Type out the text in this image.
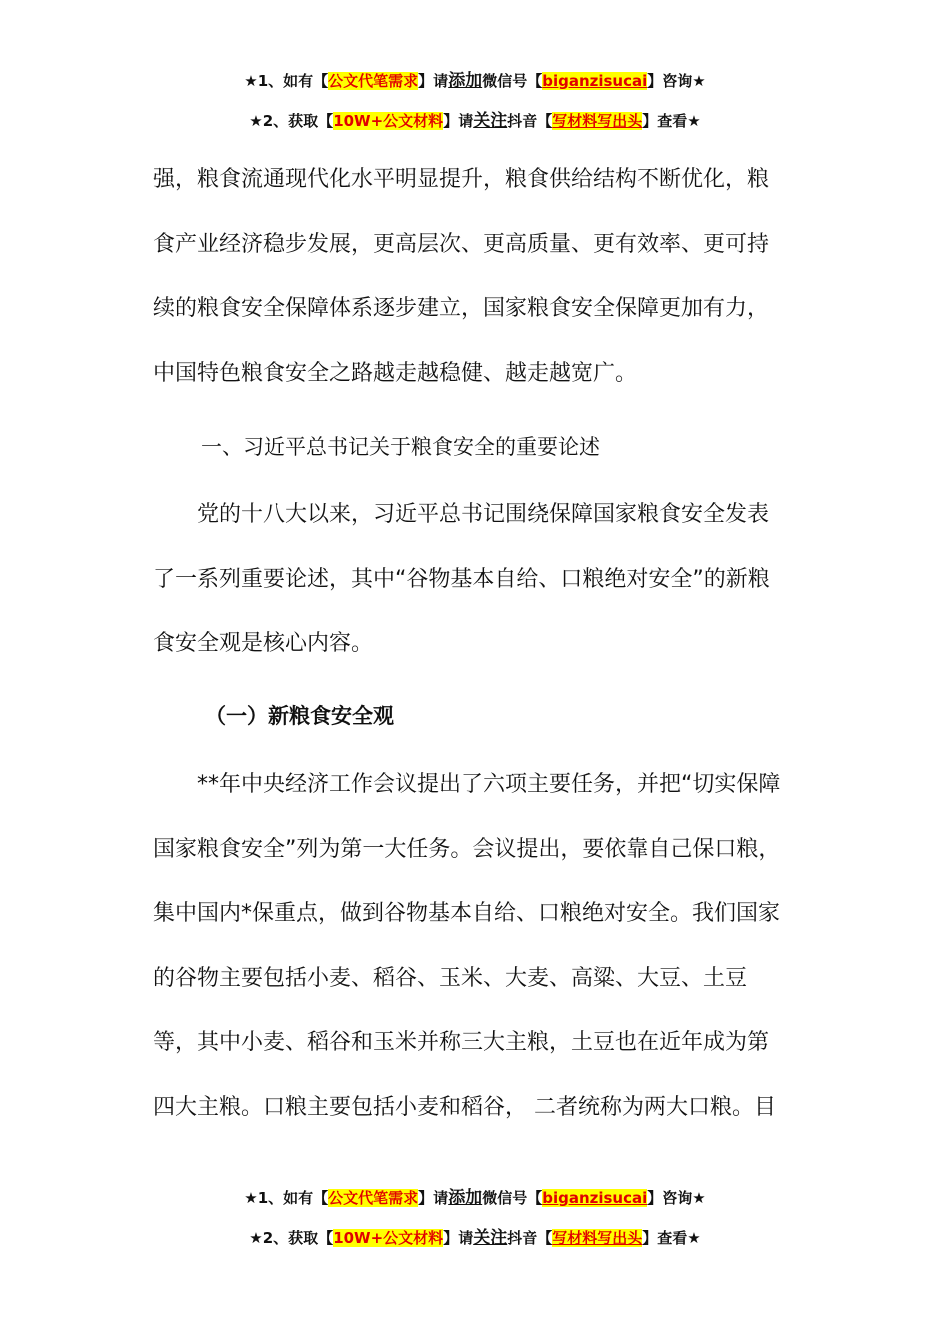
★1、如有【公文代笔需求】请添加微信号【biganzisucai】咨询★
★2、获取【10W+公文材料】请关注抖音【写材料写出头】查看★
强，粮食流通现代化水平明显提升，粮食供给结构不断优化，粮
食产业经济稳步发展，更高层次、更高质量、更有效率、更可持
续的粮食安全保障体系逐步建立，国家粮食安全保障更加有力，
中国特色粮食安全之路越走越稳健、越走越宽广。
一、习近平总书记关于粮食安全的重要论述
　　党的十八大以来，习近平总书记围绕保障国家粮食安全发表
了一系列重要论述，其中“谷物基本自给、口粮绝对安全”的新粮
食安全观是核心内容。
（一）新粮食安全观
　　**年中央经济工作会议提出了六项主要任务，并把“切实保障
国家粮食安全”列为第一大任务。会议提出，要依靠自己保口粮，
集中国内*保重点，做到谷物基本自给、口粮绝对安全。我们国家
的谷物主要包括小麦、稻谷、玉米、大麦、高粱、大豆、土豆
等，其中小麦、稻谷和玉米并称三大主粮，土豆也在近年成为第
四大主粮。口粮主要包括小麦和稻谷， 二者统称为两大口粮。目
★1、如有【公文代笔需求】请添加微信号【biganzisucai】咨询★
★2、获取【10W+公文材料】请关注抖音【写材料写出头】查看★
